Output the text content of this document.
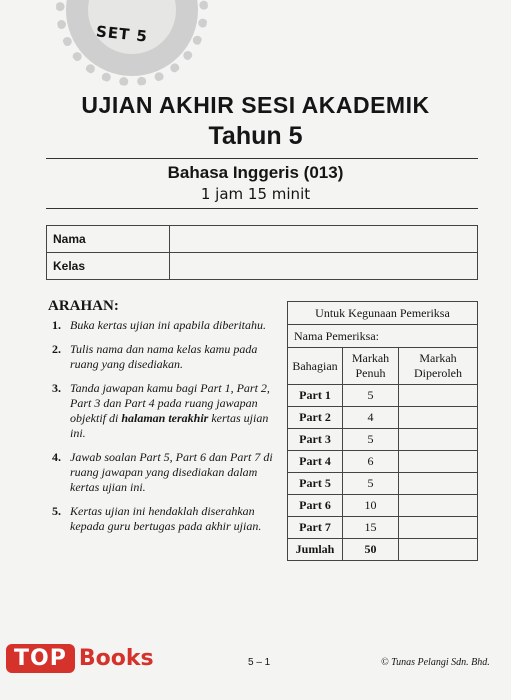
SET 5
UJIAN AKHIR SESI AKADEMIK
Tahun 5
Bahasa Inggeris (013)
1 jam 15 minit
Nama	
Kelas	
ARAHAN:
1. Buka kertas ujian ini apabila diberitahu.
2. Tulis nama dan nama kelas kamu pada ruang yang disediakan.
3. Tanda jawapan kamu bagi Part 1, Part 2, Part 3 dan Part 4 pada ruang jawapan objektif di halaman terakhir kertas ujian ini.
4. Jawab soalan Part 5, Part 6 dan Part 7 di ruang jawapan yang disediakan dalam kertas ujian ini.
5. Kertas ujian ini hendaklah diserahkan kepada guru bertugas pada akhir ujian.
Untuk Kegunaan Pemeriksa		
Nama Pemeriksa:		
Bahagian	Markah Penuh	Markah Diperoleh
Part 1	5	
Part 2	4	
Part 3	5	
Part 4	6	
Part 5	5	
Part 6	10	
Part 7	15	
Jumlah	50	
TOP Books	5 – 1	© Tunas Pelangi Sdn. Bhd.
